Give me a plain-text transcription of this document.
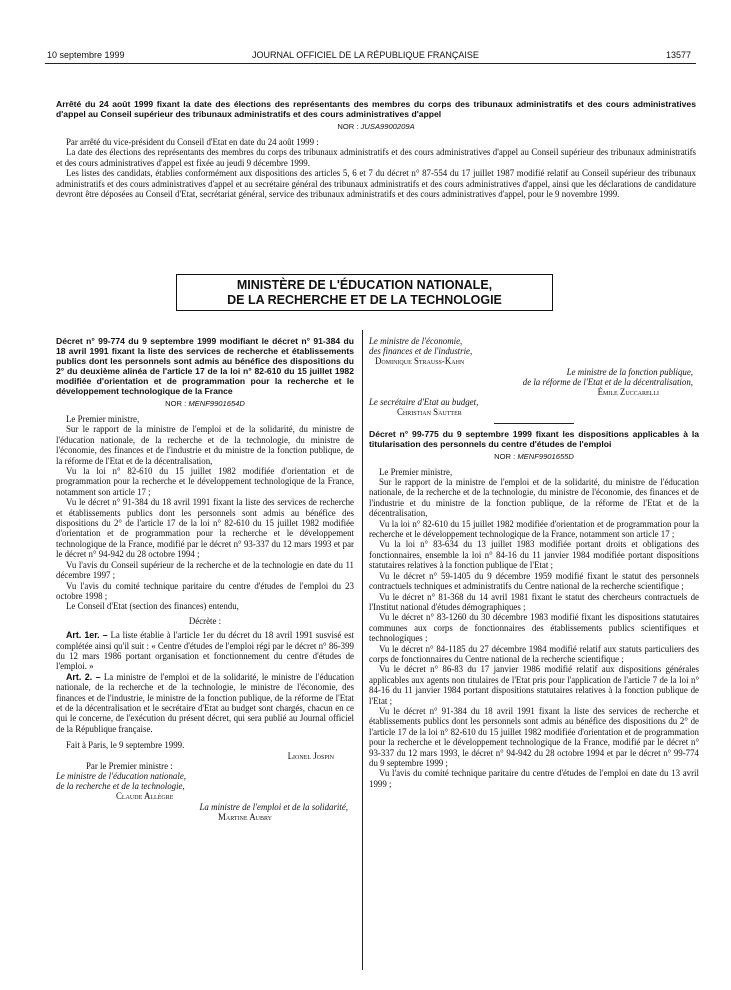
10 septembre 1999	JOURNAL OFFICIEL DE LA RÉPUBLIQUE FRANÇAISE	13577

Arrêté du 24 août 1999 fixant la date des élections des représentants des membres du corps des tribunaux administratifs et des cours administratives d'appel au Conseil supérieur des tribunaux administratifs et des cours administratives d'appel

NOR : JUSA9900209A

Par arrêté du vice-président du Conseil d'Etat en date du 24 août 1999 :

La date des élections des représentants des membres du corps des tribunaux administratifs et des cours administratives d'appel au Conseil supérieur des tribunaux administratifs et des cours administratives d'appel est fixée au jeudi 9 décembre 1999.

Les listes des candidats, établies conformément aux dispositions des articles 5, 6 et 7 du décret n° 87-554 du 17 juillet 1987 modifié relatif au Conseil supérieur des tribunaux administratifs et des cours administratives d'appel et au secrétaire général des tribunaux administratifs et des cours administratives d'appel, ainsi que les déclarations de candidature devront être déposées au Conseil d'Etat, secrétariat général, service des tribunaux administratifs et des cours administratives d'appel, pour le 9 novembre 1999.

MINISTÈRE DE L'ÉDUCATION NATIONALE,
DE LA RECHERCHE ET DE LA TECHNOLOGIE

Décret n° 99-774 du 9 septembre 1999 modifiant le décret n° 91-384 du 18 avril 1991 fixant la liste des services de recherche et établissements publics dont les personnels sont admis au bénéfice des dispositions du 2° du deuxième alinéa de l'article 17 de la loi n° 82-610 du 15 juillet 1982 modifiée d'orientation et de programmation pour la recherche et le développement technologique de la France

NOR : MENF9901654D

Le Premier ministre,

Sur le rapport de la ministre de l'emploi et de la solidarité, du ministre de l'éducation nationale, de la recherche et de la technologie, du ministre de l'économie, des finances et de l'industrie et du ministre de la fonction publique, de la réforme de l'Etat et de la décentralisation,

Vu la loi n° 82-610 du 15 juillet 1982 modifiée d'orientation et de programmation pour la recherche et le développement technologique de la France, notamment son article 17 ;

Vu le décret n° 91-384 du 18 avril 1991 fixant la liste des services de recherche et établissements publics dont les personnels sont admis au bénéfice des dispositions du 2° de l'article 17 de la loi n° 82-610 du 15 juillet 1982 modifiée d'orientation et de programmation pour la recherche et le développement technologique de la France, modifié par le décret n° 93-337 du 12 mars 1993 et par le décret n° 94-942 du 28 octobre 1994 ;

Vu l'avis du Conseil supérieur de la recherche et de la technologie en date du 11 décembre 1997 ;

Vu l'avis du comité technique paritaire du centre d'études de l'emploi du 23 octobre 1998 ;

Le Conseil d'Etat (section des finances) entendu,

Décrète :

Art. 1er. – La liste établie à l'article 1er du décret du 18 avril 1991 susvisé est complétée ainsi qu'il suit : « Centre d'études de l'emploi régi par le décret n° 86-399 du 12 mars 1986 portant organisation et fonctionnement du centre d'études de l'emploi. »

Art. 2. – La ministre de l'emploi et de la solidarité, le ministre de l'éducation nationale, de la recherche et de la technologie, le ministre de l'économie, des finances et de l'industrie, le ministre de la fonction publique, de la réforme de l'Etat et de la décentralisation et le secrétaire d'Etat au budget sont chargés, chacun en ce qui le concerne, de l'exécution du présent décret, qui sera publié au Journal officiel de la République française.

Fait à Paris, le 9 septembre 1999.

Lionel Jospin

Par le Premier ministre :

Le ministre de l'éducation nationale,

de la recherche et de la technologie,

Claude Allègre

La ministre de l'emploi et de la solidarité,

Martine Aubry

Le ministre de l'économie,

des finances et de l'industrie,

Dominique Strauss-Kahn

Le ministre de la fonction publique,

de la réforme de l'Etat et de la décentralisation,

Émile Zuccarelli

Le secrétaire d'Etat au budget,

Christian Sautter

Décret n° 99-775 du 9 septembre 1999 fixant les dispositions applicables à la titularisation des personnels du centre d'études de l'emploi

NOR : MENF9901655D

Le Premier ministre,

Sur le rapport de la ministre de l'emploi et de la solidarité, du ministre de l'éducation nationale, de la recherche et de la technologie, du ministre de l'économie, des finances et de l'industrie et du ministre de la fonction publique, de la réforme de l'Etat et de la décentralisation,

Vu la loi n° 82-610 du 15 juillet 1982 modifiée d'orientation et de programmation pour la recherche et le développement technologique de la France, notamment son article 17 ;

Vu la loi n° 83-634 du 13 juillet 1983 modifiée portant droits et obligations des fonctionnaires, ensemble la loi n° 84-16 du 11 janvier 1984 modifiée portant dispositions statutaires relatives à la fonction publique de l'Etat ;

Vu le décret n° 59-1405 du 9 décembre 1959 modifié fixant le statut des personnels contractuels techniques et administratifs du Centre national de la recherche scientifique ;

Vu le décret n° 81-368 du 14 avril 1981 fixant le statut des chercheurs contractuels de l'Institut national d'études démographiques ;

Vu le décret n° 83-1260 du 30 décembre 1983 modifié fixant les dispositions statutaires communes aux corps de fonctionnaires des établissements publics scientifiques et technologiques ;

Vu le décret n° 84-1185 du 27 décembre 1984 modifié relatif aux statuts particuliers des corps de fonctionnaires du Centre national de la recherche scientifique ;

Vu le décret n° 86-83 du 17 janvier 1986 modifié relatif aux dispositions générales applicables aux agents non titulaires de l'Etat pris pour l'application de l'article 7 de la loi n° 84-16 du 11 janvier 1984 portant dispositions statutaires relatives à la fonction publique de l'Etat ;

Vu le décret n° 91-384 du 18 avril 1991 fixant la liste des services de recherche et établissements publics dont les personnels sont admis au bénéfice des dispositions du 2° de l'article 17 de la loi n° 82-610 du 15 juillet 1982 modifiée d'orientation et de programmation pour la recherche et le développement technologique de la France, modifié par le décret n° 93-337 du 12 mars 1993, le décret n° 94-942 du 28 octobre 1994 et par le décret n° 99-774 du 9 septembre 1999 ;

Vu l'avis du comité technique paritaire du centre d'études de l'emploi en date du 13 avril 1999 ;
